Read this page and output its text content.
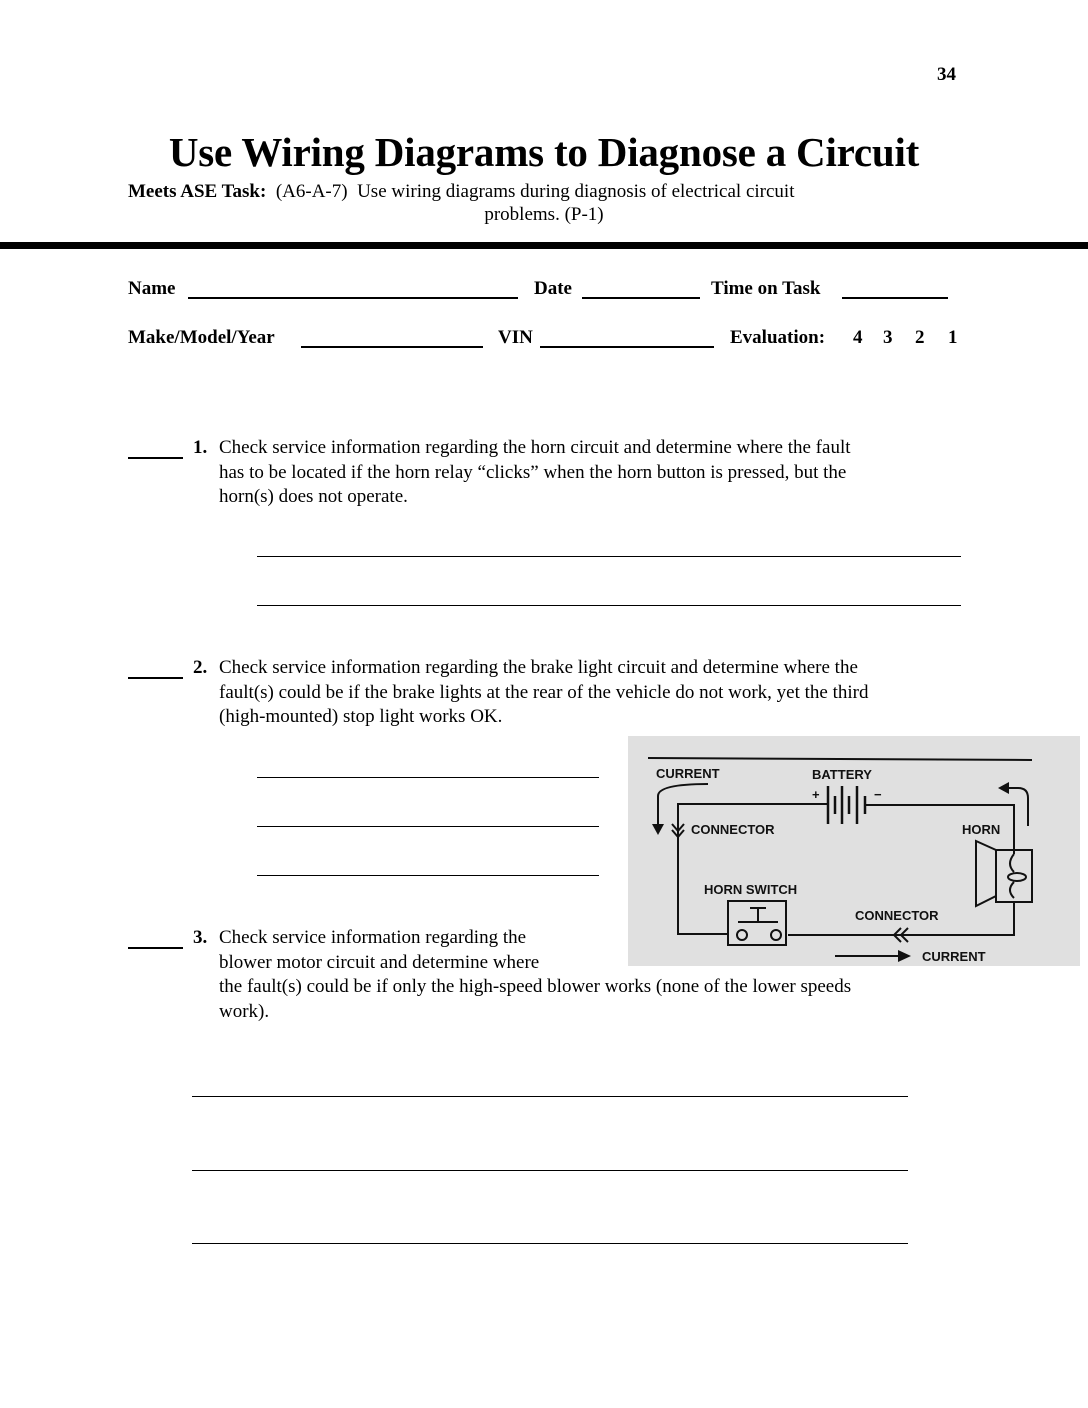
34
Use Wiring Diagrams to Diagnose a Circuit
Meets ASE Task: (A6-A-7) Use wiring diagrams during diagnosis of electrical circuit
problems. (P-1)
Name	Date	Time on Task
Make/Model/Year	VIN	Evaluation: 4 3 2 1
1. Check service information regarding the horn circuit and determine where the fault
has to be located if the horn relay “clicks” when the horn button is pressed, but the
horn(s) does not operate.
2. Check service information regarding the brake light circuit and determine where the
fault(s) could be if the brake lights at the rear of the vehicle do not work, yet the third
(high-mounted) stop light works OK.
CURRENT	BATTERY
+	−
CONNECTOR	HORN
HORN SWITCH
CONNECTOR
CURRENT
3. Check service information regarding the
blower motor circuit and determine where
the fault(s) could be if only the high-speed blower works (none of the lower speeds
work).
